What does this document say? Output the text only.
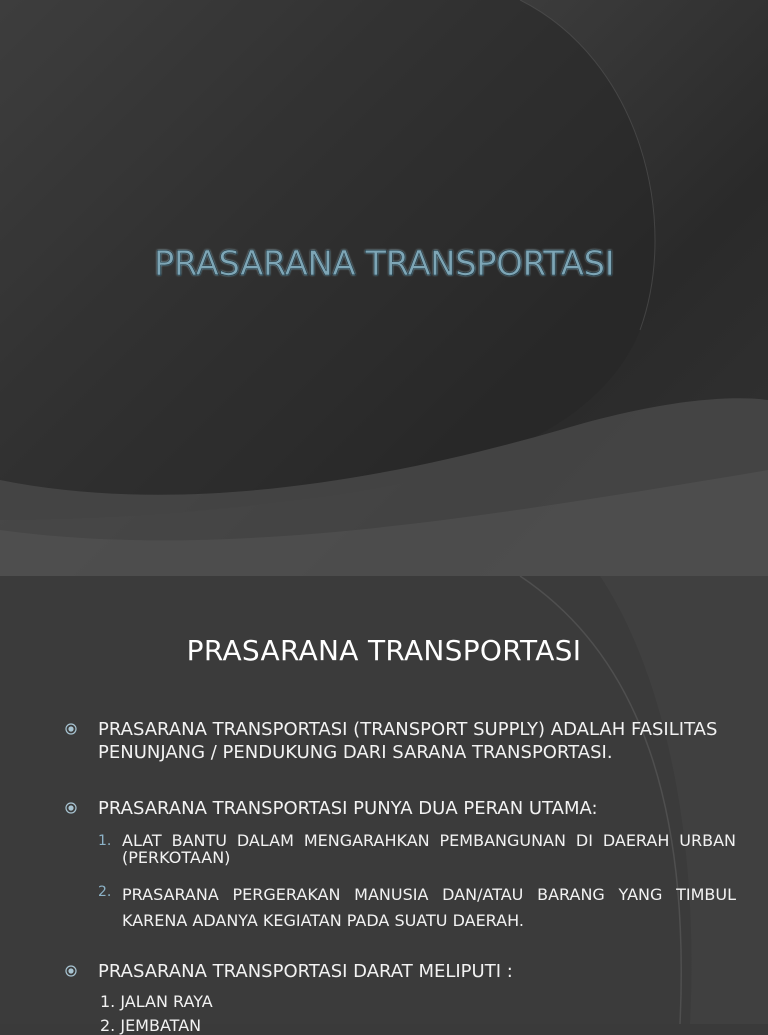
PRASARANA TRANSPORTASI
PRASARANA TRANSPORTASI
PRASARANA TRANSPORTASI (TRANSPORT SUPPLY) ADALAH FASILITAS PENUNJANG / PENDUKUNG DARI SARANA TRANSPORTASI.
PRASARANA TRANSPORTASI PUNYA DUA PERAN UTAMA:
1. ALAT BANTU DALAM MENGARAHKAN PEMBANGUNAN DI DAERAH URBAN (PERKOTAAN)
2. PRASARANA PERGERAKAN MANUSIA DAN/ATAU BARANG YANG TIMBUL KARENA ADANYA KEGIATAN PADA SUATU DAERAH.
PRASARANA TRANSPORTASI DARAT MELIPUTI :
1. JALAN RAYA
2. JEMBATAN
